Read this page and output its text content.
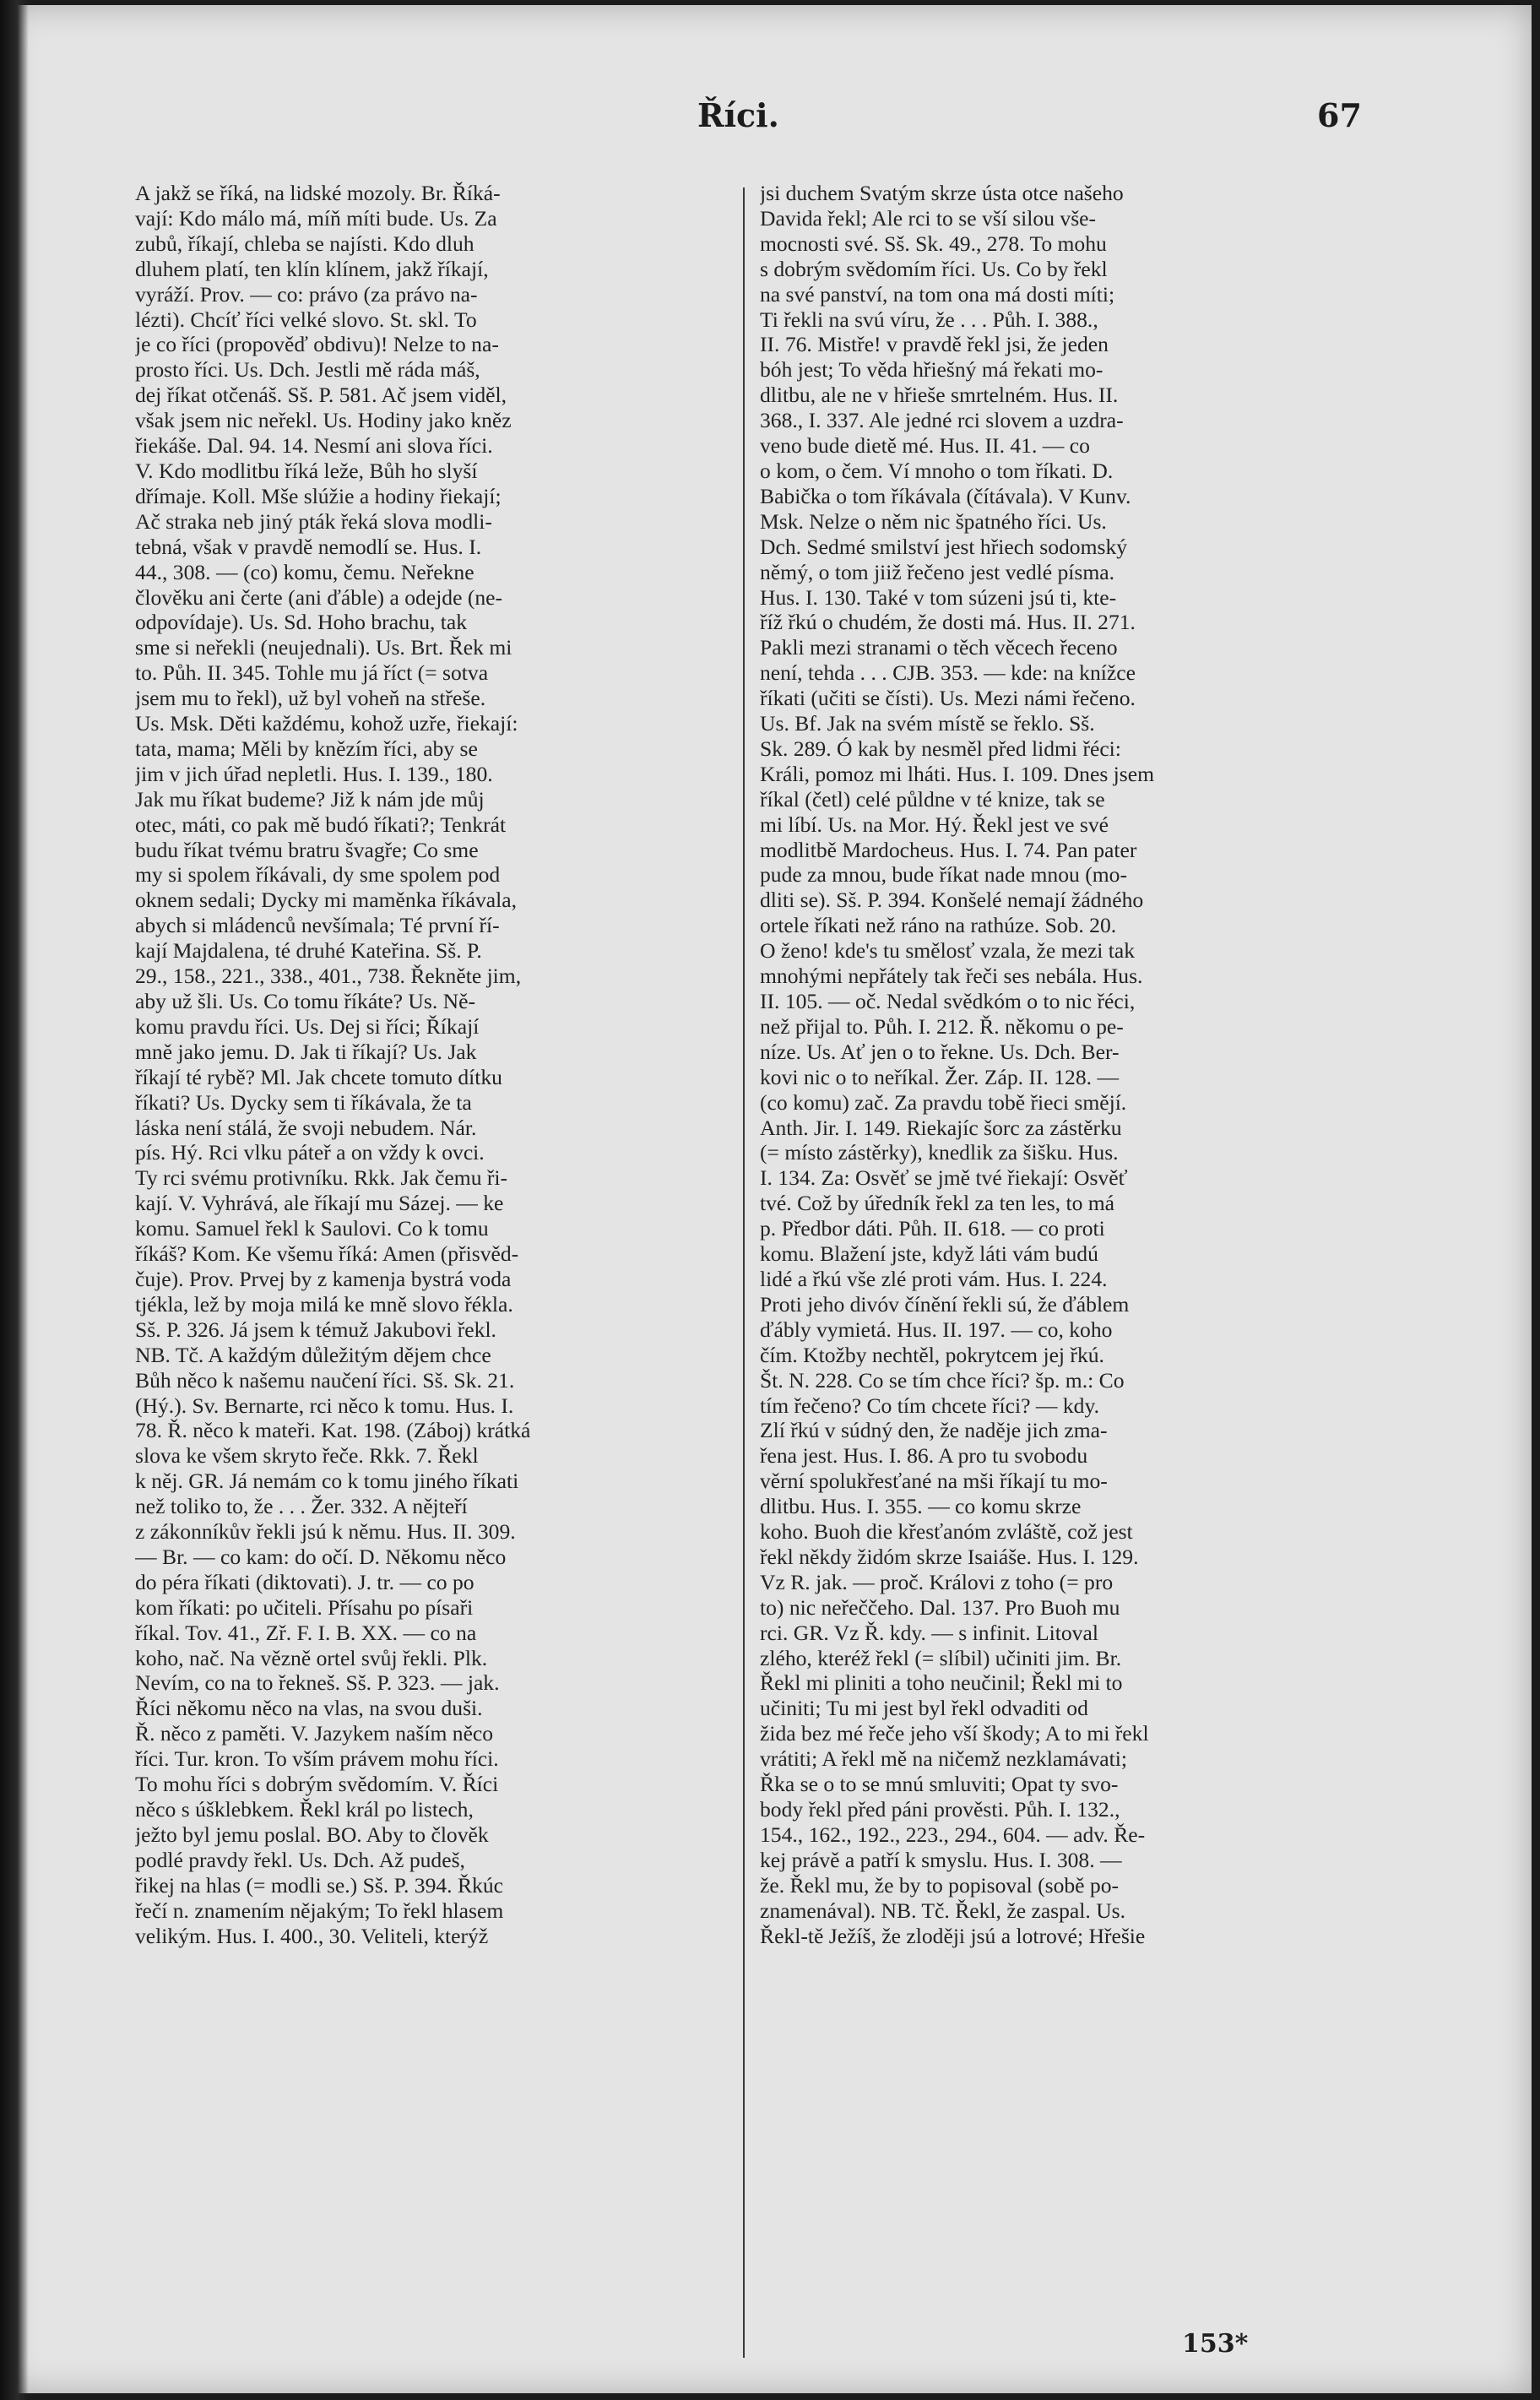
Říci.	67
A jakž se říká, na lidské mozoly. Br. Říká-
vají: Kdo málo má, míň míti bude. Us. Za
zubů, říkají, chleba se najísti. Kdo dluh
dluhem platí, ten klín klínem, jakž říkají,
vyráží. Prov. — co: právo (za právo na-
lézti). Chcíť říci velké slovo. St. skl. To
je co říci (propověď obdivu)! Nelze to na-
prosto říci. Us. Dch. Jestli mě ráda máš,
dej říkat otčenáš. Sš. P. 581. Ač jsem viděl,
však jsem nic neřekl. Us. Hodiny jako kněz
řiekáše. Dal. 94. 14. Nesmí ani slova říci.
V. Kdo modlitbu říká leže, Bůh ho slyší
dřímaje. Koll. Mše slúžie a hodiny řiekají;
Ač straka neb jiný pták řeká slova modli-
tebná, však v pravdě nemodlí se. Hus. I.
44., 308. — (co) komu, čemu. Neřekne
člověku ani čerte (ani ďáble) a odejde (ne-
odpovídaje). Us. Sd. Hoho brachu, tak
sme si neřekli (neujednali). Us. Brt. Řek mi
to. Půh. II. 345. Tohle mu já říct (= sotva
jsem mu to řekl), už byl voheň na střeše.
Us. Msk. Děti každému, kohož uzře, řiekají:
tata, mama; Měli by knězím říci, aby se
jim v jich úřad nepletli. Hus. I. 139., 180.
Jak mu říkat budeme? Již k nám jde můj
otec, máti, co pak mě budó říkati?; Tenkrát
budu říkat tvému bratru švagře; Co sme
my si spolem říkávali, dy sme spolem pod
oknem sedali; Dycky mi maměnka říkávala,
abych si mládenců nevšímala; Té první ří-
kají Majdalena, té druhé Kateřina. Sš. P.
29., 158., 221., 338., 401., 738. Řekněte jim,
aby už šli. Us. Co tomu říkáte? Us. Ně-
komu pravdu říci. Us. Dej si říci; Říkají
mně jako jemu. D. Jak ti říkají? Us. Jak
říkají té rybě? Ml. Jak chcete tomuto dítku
říkati? Us. Dycky sem ti říkávala, že ta
láska není stálá, že svoji nebudem. Nár.
pís. Hý. Rci vlku páteř a on vždy k ovci.
Ty rci svému protivníku. Rkk. Jak čemu ři-
kají. V. Vyhrává, ale říkají mu Sázej. — ke
komu. Samuel řekl k Saulovi. Co k tomu
říkáš? Kom. Ke všemu říká: Amen (přisvěd-
čuje). Prov. Prvej by z kamenja bystrá voda
tjékla, lež by moja milá ke mně slovo řékla.
Sš. P. 326. Já jsem k témuž Jakubovi řekl.
NB. Tč. A každým důležitým dějem chce
Bůh něco k našemu naučení říci. Sš. Sk. 21.
(Hý.). Sv. Bernarte, rci něco k tomu. Hus. I.
78. Ř. něco k mateři. Kat. 198. (Záboj) krátká
slova ke všem skryto řeče. Rkk. 7. Řekl
k něj. GR. Já nemám co k tomu jiného říkati
než toliko to, že . . . Žer. 332. A nějteří
z zákonníkův řekli jsú k němu. Hus. II. 309.
— Br. — co kam: do očí. D. Někomu něco
do péra říkati (diktovati). J. tr. — co po
kom říkati: po učiteli. Přísahu po písaři
říkal. Tov. 41., Zř. F. I. B. XX. — co na
koho, nač. Na vězně ortel svůj řekli. Plk.
Nevím, co na to řekneš. Sš. P. 323. — jak.
Říci někomu něco na vlas, na svou duši.
Ř. něco z paměti. V. Jazykem naším něco
říci. Tur. kron. To vším právem mohu říci.
To mohu říci s dobrým svědomím. V. Říci
něco s úšklebkem. Řekl král po listech,
ježto byl jemu poslal. BO. Aby to člověk
podlé pravdy řekl. Us. Dch. Až pudeš,
řikej na hlas (= modli se.) Sš. P. 394. Řkúc
řečí n. znamením nějakým; To řekl hlasem
velikým. Hus. I. 400., 30. Veliteli, kterýž
jsi duchem Svatým skrze ústa otce našeho
Davida řekl; Ale rci to se vší silou vše-
mocnosti své. Sš. Sk. 49., 278. To mohu
s dobrým svědomím říci. Us. Co by řekl
na své panství, na tom ona má dosti míti;
Ti řekli na svú víru, že . . . Půh. I. 388.,
II. 76. Mistře! v pravdě řekl jsi, že jeden
bóh jest; To věda hřiešný má řekati mo-
dlitbu, ale ne v hřieše smrtelném. Hus. II.
368., I. 337. Ale jedné rci slovem a uzdra-
veno bude dietě mé. Hus. II. 41. — co
o kom, o čem. Ví mnoho o tom říkati. D.
Babička o tom říkávala (čítávala). V Kunv.
Msk. Nelze o něm nic špatného říci. Us.
Dch. Sedmé smilství jest hřiech sodomský
němý, o tom jiiž řečeno jest vedlé písma.
Hus. I. 130. Také v tom súzeni jsú ti, kte-
říž řkú o chudém, že dosti má. Hus. II. 271.
Pakli mezi stranami o těch věcech řeceno
není, tehda . . . CJB. 353. — kde: na knížce
říkati (učiti se čísti). Us. Mezi námi řečeno.
Us. Bf. Jak na svém místě se řeklo. Sš.
Sk. 289. Ó kak by nesměl před lidmi řéci:
Králi, pomoz mi lháti. Hus. I. 109. Dnes jsem
říkal (četl) celé půldne v té knize, tak se
mi líbí. Us. na Mor. Hý. Řekl jest ve své
modlitbě Mardocheus. Hus. I. 74. Pan pater
pude za mnou, bude říkat nade mnou (mo-
dliti se). Sš. P. 394. Konšelé nemají žádného
ortele říkati než ráno na rathúze. Sob. 20.
O ženo! kde's tu smělosť vzala, že mezi tak
mnohými nepřátely tak řeči ses nebála. Hus.
II. 105. — oč. Nedal svědkóm o to nic řéci,
než přijal to. Půh. I. 212. Ř. někomu o pe-
níze. Us. Ať jen o to řekne. Us. Dch. Ber-
kovi nic o to neříkal. Žer. Záp. II. 128. —
(co komu) zač. Za pravdu tobě řieci smějí.
Anth. Jir. I. 149. Riekajíc šorc za zástěrku
(= místo zástěrky), knedlik za šišku. Hus.
I. 134. Za: Osvěť se jmě tvé řiekají: Osvěť
tvé. Což by úředník řekl za ten les, to má
p. Předbor dáti. Půh. II. 618. — co proti
komu. Blažení jste, když láti vám budú
lidé a řkú vše zlé proti vám. Hus. I. 224.
Proti jeho divóv čínění řekli sú, že ďáblem
ďábly vymietá. Hus. II. 197. — co, koho
čím. Ktožby nechtěl, pokrytcem jej řkú.
Št. N. 228. Co se tím chce říci? šp. m.: Co
tím řečeno? Co tím chcete říci? — kdy.
Zlí řkú v súdný den, že naděje jich zma-
řena jest. Hus. I. 86. A pro tu svobodu
věrní spolukřesťané na mši říkají tu mo-
dlitbu. Hus. I. 355. — co komu skrze
koho. Buoh die křesťanóm zvláště, což jest
řekl někdy židóm skrze Isaiáše. Hus. I. 129.
Vz R. jak. — proč. Královi z toho (= pro
to) nic neřeččeho. Dal. 137. Pro Buoh mu
rci. GR. Vz Ř. kdy. — s infinit. Litoval
zlého, kteréž řekl (= slíbil) učiniti jim. Br.
Řekl mi pliniti a toho neučinil; Řekl mi to
učiniti; Tu mi jest byl řekl odvaditi od
žida bez mé řeče jeho vší škody; A to mi řekl
vrátiti; A řekl mě na ničemž nezklamávati;
Řka se o to se mnú smluviti; Opat ty svo-
body řekl před páni prověsti. Půh. I. 132.,
154., 162., 192., 223., 294., 604. — adv. Ře-
kej právě a patří k smyslu. Hus. I. 308. —
že. Řekl mu, že by to popisoval (sobě po-
znamenával). NB. Tč. Řekl, že zaspal. Us.
Řekl-tě Ježíš, že zloději jsú a lotrové; Hřešie
153*
